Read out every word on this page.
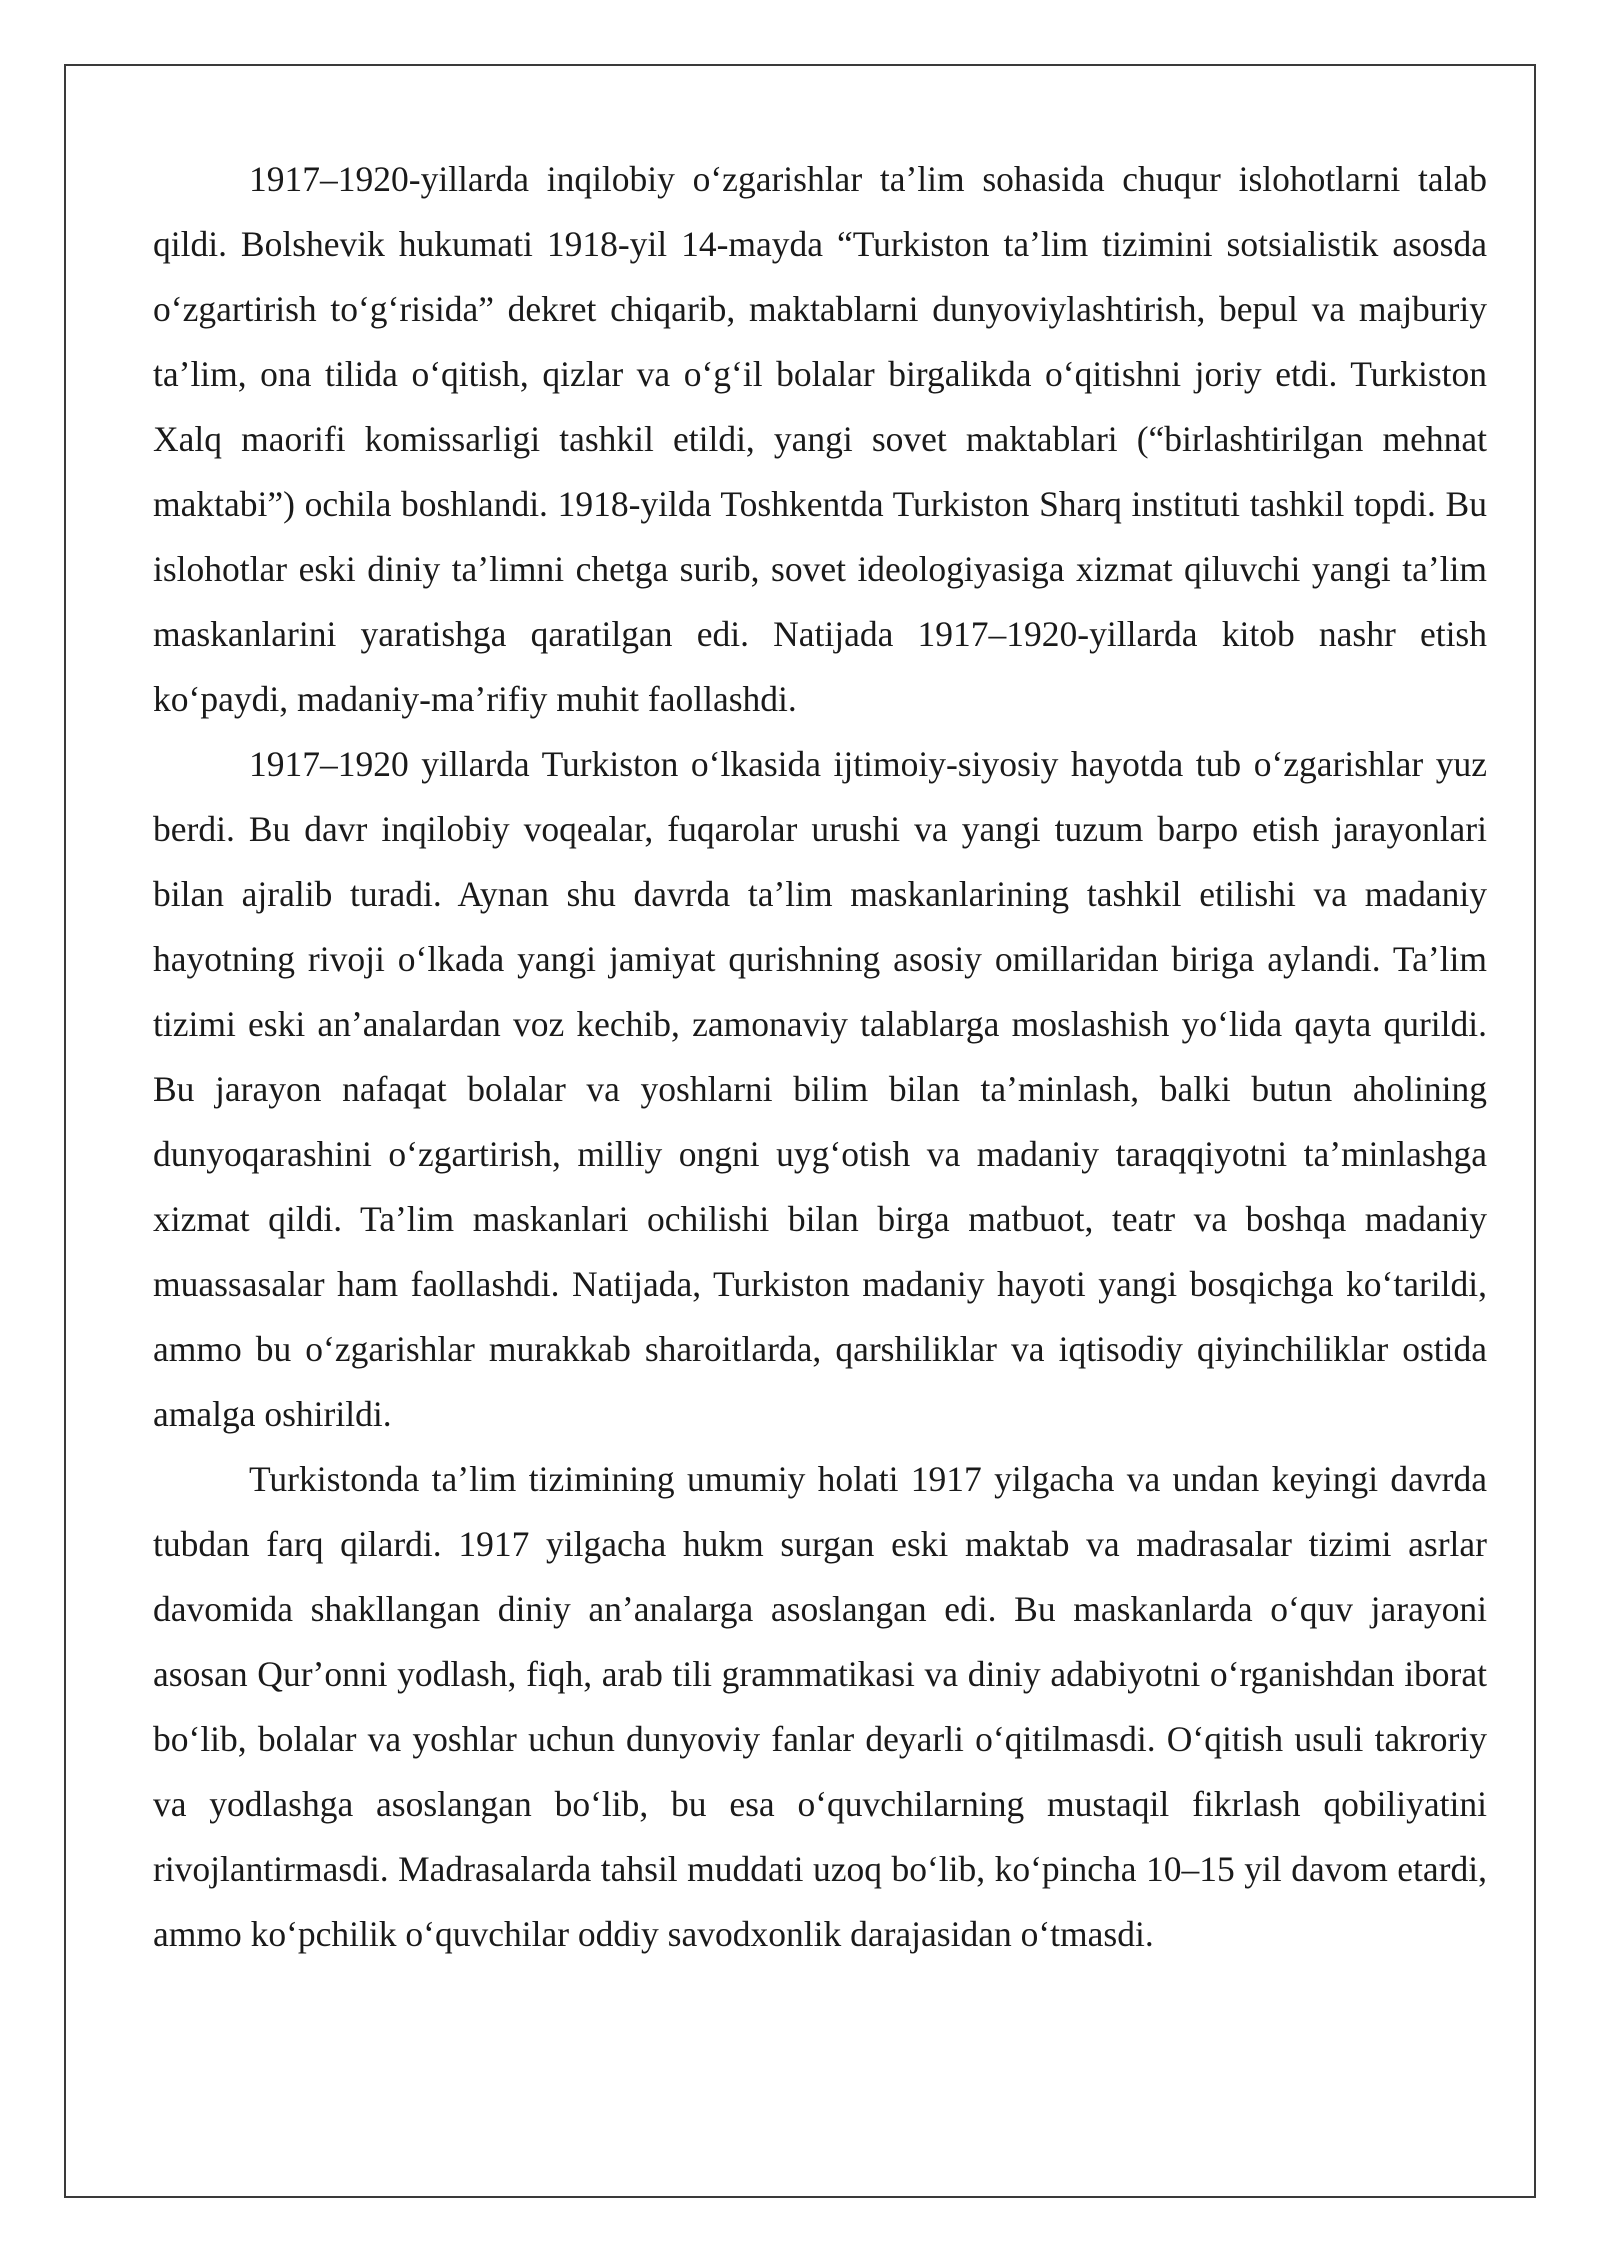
1917–1920-yillarda inqilobiy oʻzgarishlar taʼlim sohasida chuqur islohotlarni talab qildi. Bolshevik hukumati 1918-yil 14-mayda “Turkiston taʼlim tizimini sotsialistik asosda oʻzgartirish toʻgʻrisida” dekret chiqarib, maktablarni dunyoviylashtirish, bepul va majburiy taʼlim, ona tilida oʻqitish, qizlar va oʻgʻil bolalar birgalikda oʻqitishni joriy etdi. Turkiston Xalq maorifi komissarligi tashkil etildi, yangi sovet maktablari (“birlashtirilgan mehnat maktabi”) ochila boshlandi. 1918-yilda Toshkentda Turkiston Sharq instituti tashkil topdi. Bu islohotlar eski diniy taʼlimni chetga surib, sovet ideologiyasiga xizmat qiluvchi yangi taʼlim maskanlarini yaratishga qaratilgan edi. Natijada 1917–1920-yillarda kitob nashr etish koʻpaydi, madaniy-maʼrifiy muhit faollashdi.

1917–1920 yillarda Turkiston oʻlkasida ijtimoiy-siyosiy hayotda tub oʻzgarishlar yuz berdi. Bu davr inqilobiy voqealar, fuqarolar urushi va yangi tuzum barpo etish jarayonlari bilan ajralib turadi. Aynan shu davrda taʼlim maskanlarining tashkil etilishi va madaniy hayotning rivoji oʻlkada yangi jamiyat qurishning asosiy omillaridan biriga aylandi. Taʼlim tizimi eski anʼanalardan voz kechib, zamonaviy talablarga moslashish yoʻlida qayta qurildi. Bu jarayon nafaqat bolalar va yoshlarni bilim bilan taʼminlash, balki butun aholining dunyoqarashini oʻzgartirish, milliy ongni uygʻotish va madaniy taraqqiyotni taʼminlashga xizmat qildi. Taʼlim maskanlari ochilishi bilan birga matbuot, teatr va boshqa madaniy muassasalar ham faollashdi. Natijada, Turkiston madaniy hayoti yangi bosqichga koʻtarildi, ammo bu oʻzgarishlar murakkab sharoitlarda, qarshiliklar va iqtisodiy qiyinchiliklar ostida amalga oshirildi.

Turkistonda taʼlim tizimining umumiy holati 1917 yilgacha va undan keyingi davrda tubdan farq qilardi. 1917 yilgacha hukm surgan eski maktab va madrasalar tizimi asrlar davomida shakllangan diniy anʼanalarga asoslangan edi. Bu maskanlarda oʻquv jarayoni asosan Qurʼonni yodlash, fiqh, arab tili grammatikasi va diniy adabiyotni oʻrganishdan iborat boʻlib, bolalar va yoshlar uchun dunyoviy fanlar deyarli oʻqitilmasdi. Oʻqitish usuli takroriy va yodlashga asoslangan boʻlib, bu esa oʻquvchilarning mustaqil fikrlash qobiliyatini rivojlantirmasdi. Madrasalarda tahsil muddati uzoq boʻlib, koʻpincha 10–15 yil davom etardi, ammo koʻpchilik oʻquvchilar oddiy savodxonlik darajasidan oʻtmasdi.
